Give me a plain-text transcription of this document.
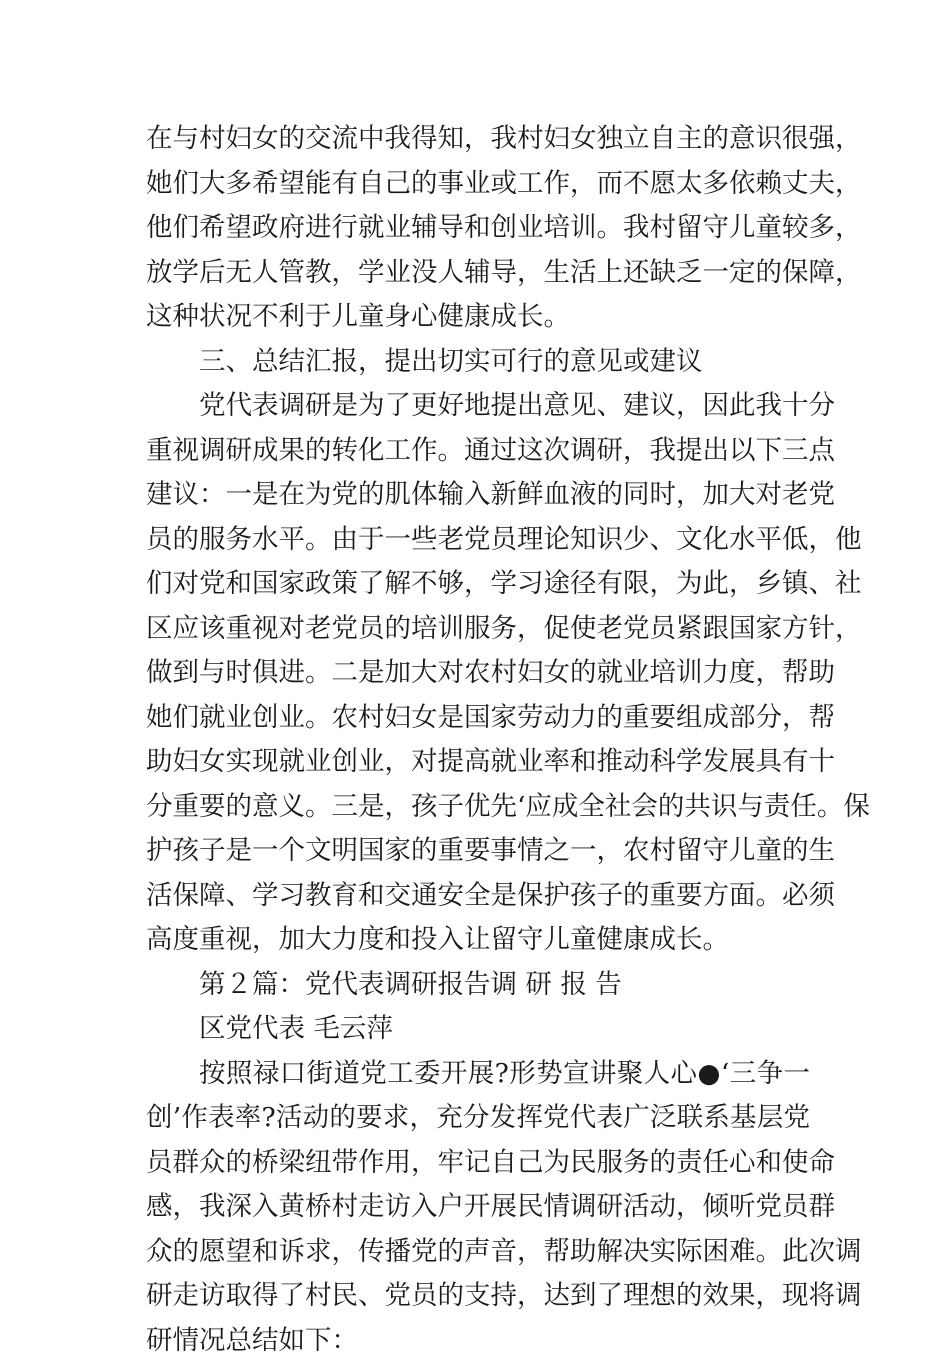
在与村妇女的交流中我得知，我村妇女独立自主的意识很强，
她们大多希望能有自己的事业或工作，而不愿太多依赖丈夫，
他们希望政府进行就业辅导和创业培训。我村留守儿童较多，
放学后无人管教，学业没人辅导，生活上还缺乏一定的保障，
这种状况不利于儿童身心健康成长。
三、总结汇报，提出切实可行的意见或建议
党代表调研是为了更好地提出意见、建议，因此我十分
重视调研成果的转化工作。通过这次调研，我提出以下三点
建议：一是在为党的肌体输入新鲜血液的同时，加大对老党
员的服务水平。由于一些老党员理论知识少、文化水平低，他
们对党和国家政策了解不够，学习途径有限，为此，乡镇、社
区应该重视对老党员的培训服务，促使老党员紧跟国家方针，
做到与时俱进。二是加大对农村妇女的就业培训力度，帮助
她们就业创业。农村妇女是国家劳动力的重要组成部分，帮
助妇女实现就业创业，对提高就业率和推动科学发展具有十
分重要的意义。三是，孩子优先‘应成全社会的共识与责任。保
护孩子是一个文明国家的重要事情之一，农村留守儿童的生
活保障、学习教育和交通安全是保护孩子的重要方面。必须
高度重视，加大力度和投入让留守儿童健康成长。
第２篇：党代表调研报告调 研 报 告
区党代表 毛云萍
按照禄口街道党工委开展?形势宣讲聚人心●‘三争一
创’作表率?活动的要求，充分发挥党代表广泛联系基层党
员群众的桥梁纽带作用，牢记自己为民服务的责任心和使命
感，我深入黄桥村走访入户开展民情调研活动，倾听党员群
众的愿望和诉求，传播党的声音，帮助解决实际困难。此次调
研走访取得了村民、党员的支持，达到了理想的效果，现将调
研情况总结如下：
